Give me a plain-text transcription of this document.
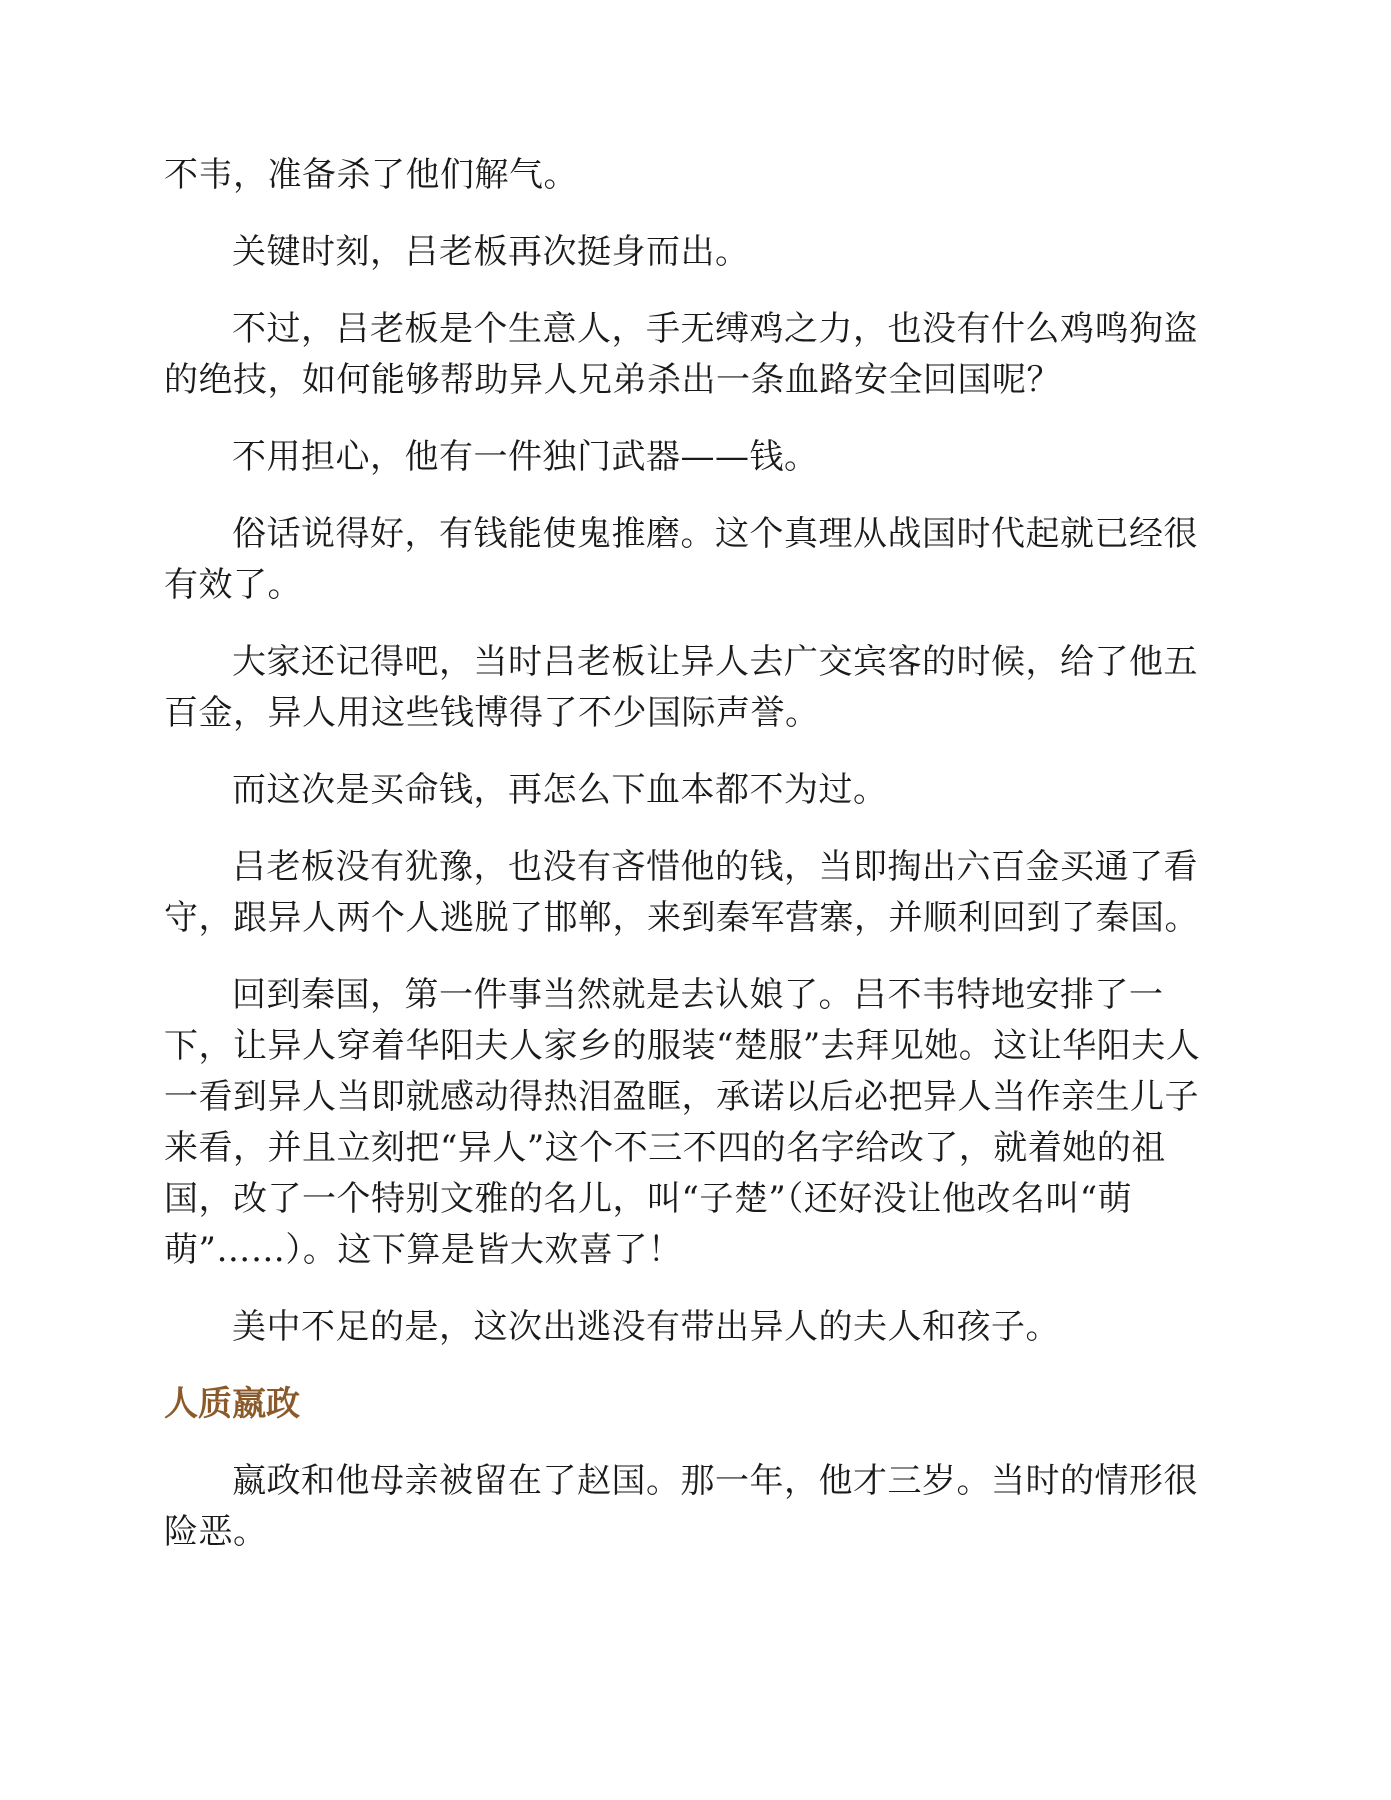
不韦，准备杀了他们解气。

关键时刻，吕老板再次挺身而出。

不过，吕老板是个生意人，手无缚鸡之力，也没有什么鸡鸣狗盗的绝技，如何能够帮助异人兄弟杀出一条血路安全回国呢？

不用担心，他有一件独门武器——钱。

俗话说得好，有钱能使鬼推磨。这个真理从战国时代起就已经很有效了。

大家还记得吧，当时吕老板让异人去广交宾客的时候，给了他五百金，异人用这些钱博得了不少国际声誉。

而这次是买命钱，再怎么下血本都不为过。

吕老板没有犹豫，也没有吝惜他的钱，当即掏出六百金买通了看守，跟异人两个人逃脱了邯郸，来到秦军营寨，并顺利回到了秦国。

回到秦国，第一件事当然就是去认娘了。吕不韦特地安排了一下，让异人穿着华阳夫人家乡的服装“楚服”去拜见她。这让华阳夫人一看到异人当即就感动得热泪盈眶，承诺以后必把异人当作亲生儿子来看，并且立刻把“异人”这个不三不四的名字给改了，就着她的祖国，改了一个特别文雅的名儿，叫“子楚”（还好没让他改名叫“萌萌”……）。这下算是皆大欢喜了！

美中不足的是，这次出逃没有带出异人的夫人和孩子。

人质嬴政

嬴政和他母亲被留在了赵国。那一年，他才三岁。当时的情形很险恶。
